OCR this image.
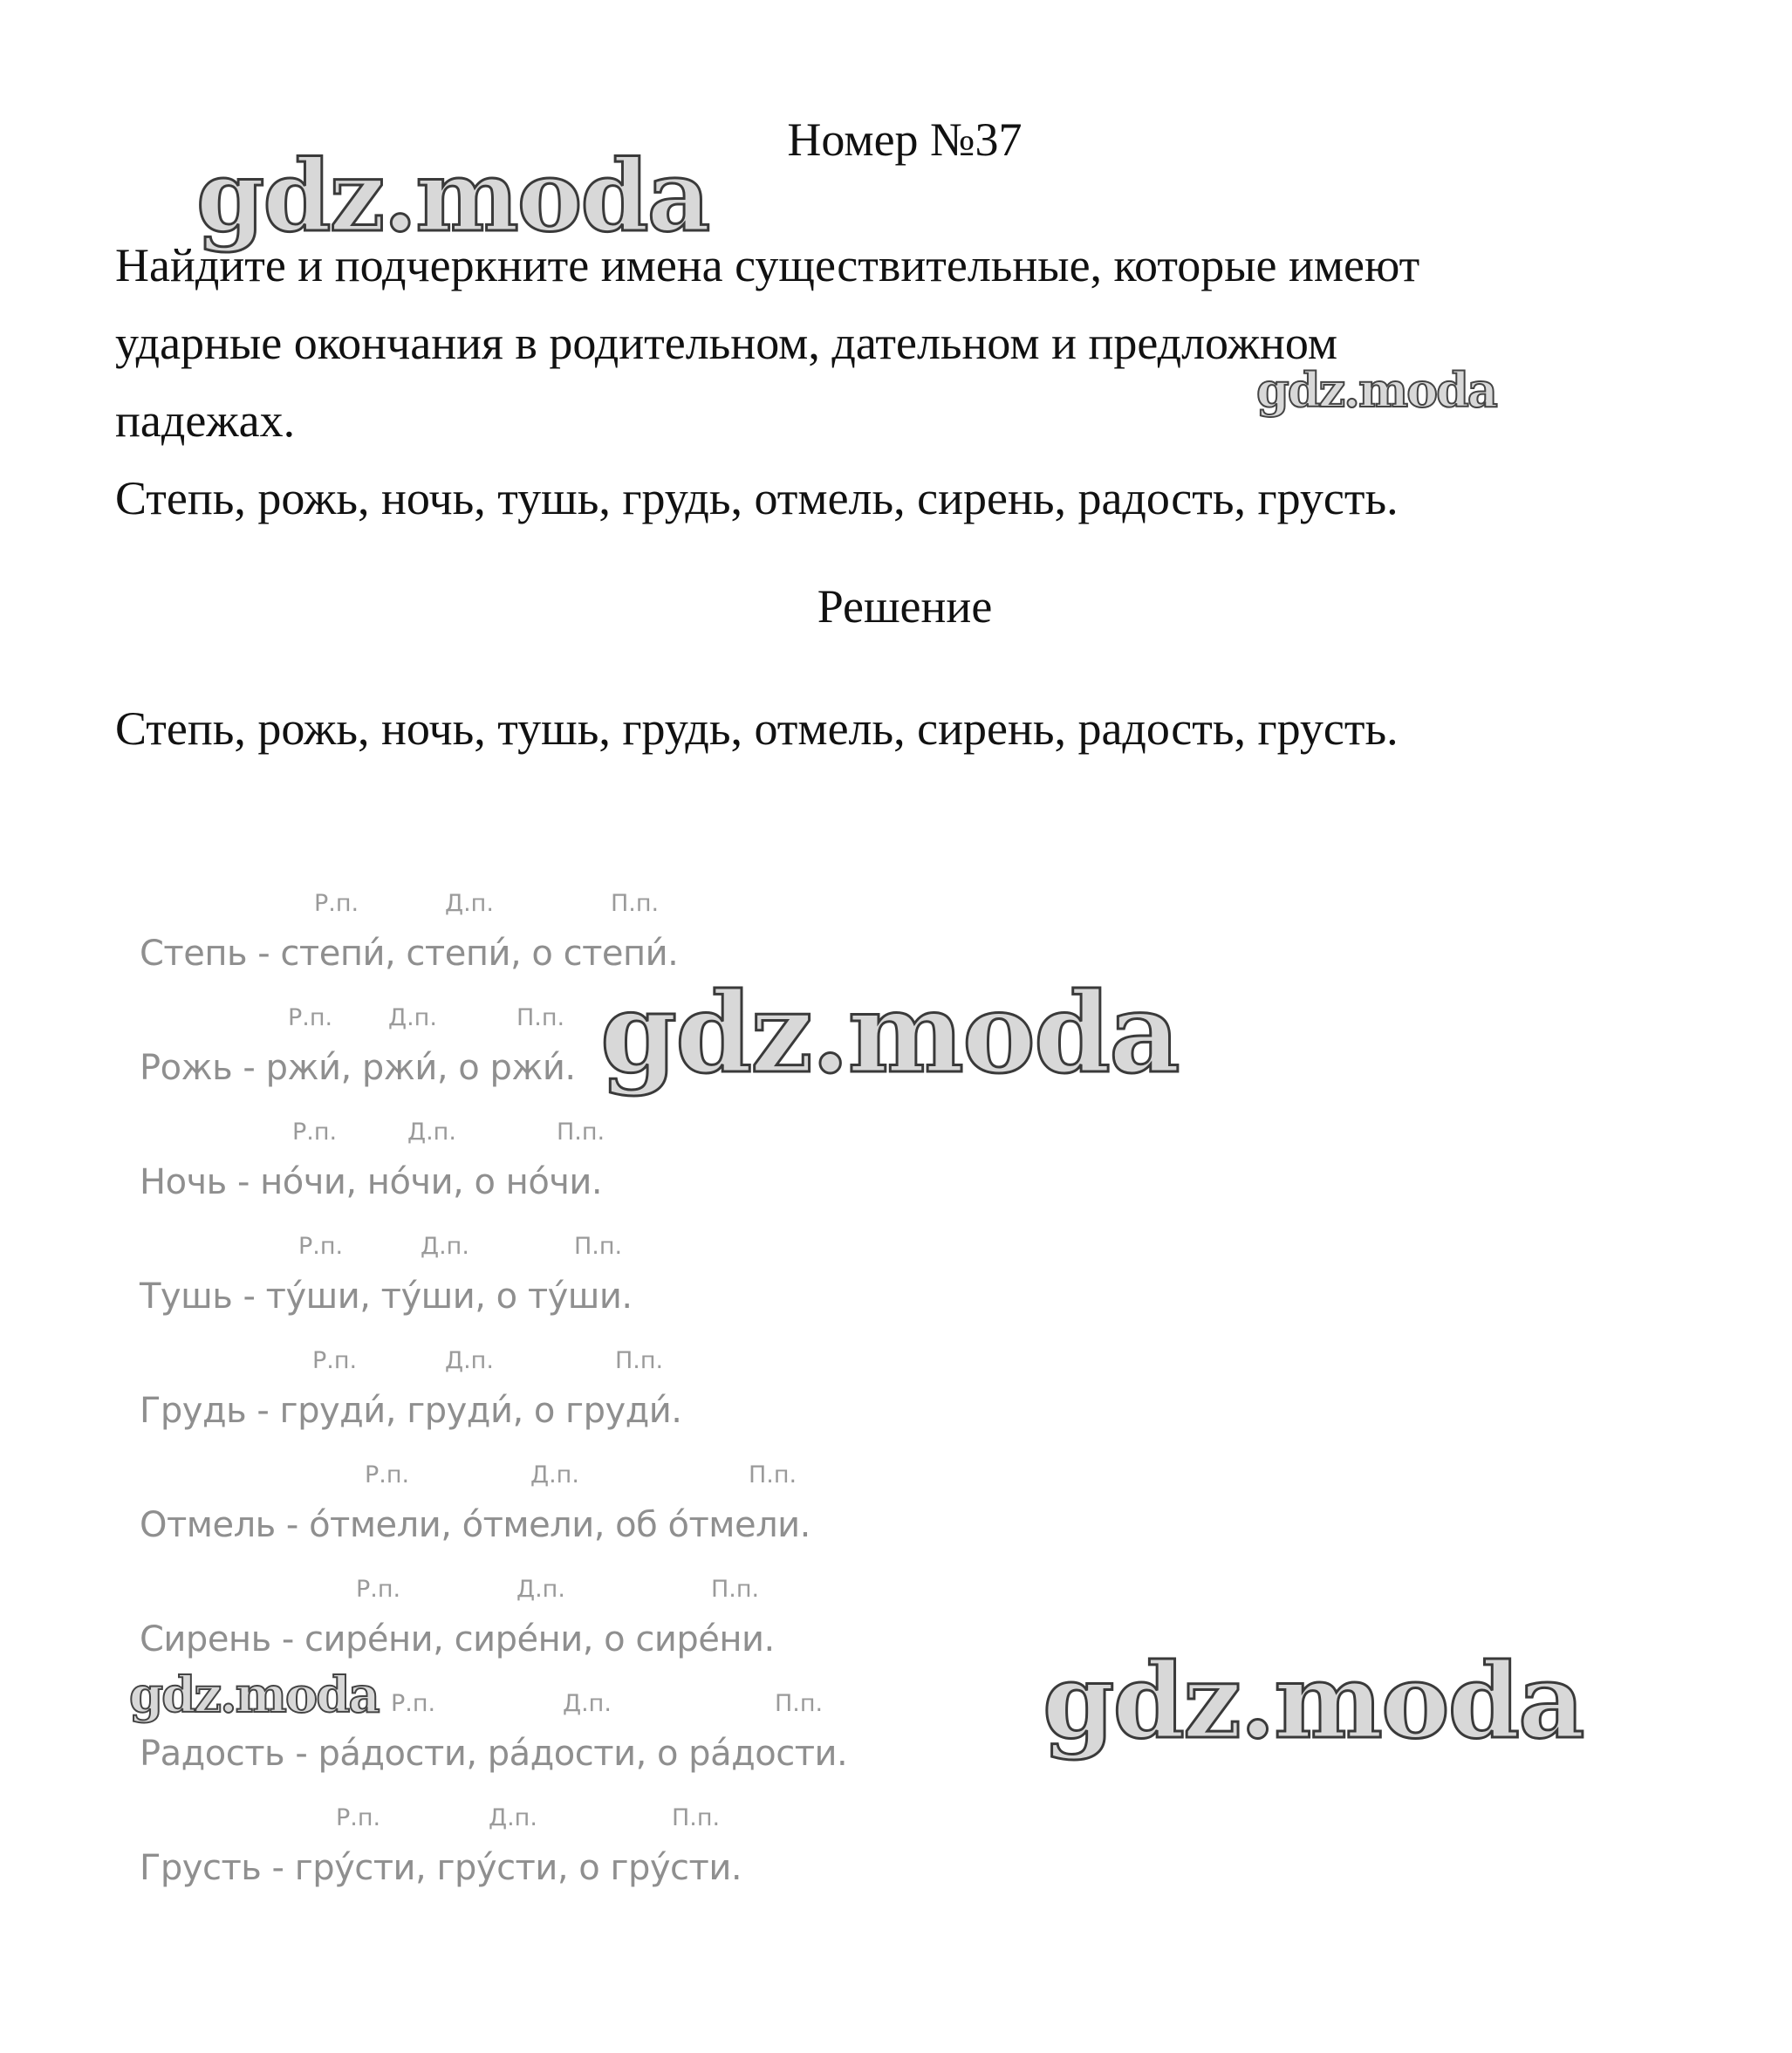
Номер №37

Найдите и подчеркните имена существительные, которые имеют

ударные окончания в родительном, дательном и предложном

падежах.

Степь, рожь, ночь, тушь, грудь, отмель, сирень, радость, грусть.

Решение
Степь, рожь, ночь, тушь, грудь, отмель, сирень, радость, грусть.
Р.п.	Д.п.	П.п.
Степь - степи́, степи́, о степи́.
Р.п. Д.п.	П.п.
Рожь - ржи́, ржи́, о ржи́.
Р.п.	Д.п.	П.п.
Ночь - но́чи, но́чи, о но́чи.
Р.п.	Д.п.	П.п.
Тушь - ту́ши, ту́ши, о ту́ши.
Р.п.	Д.п.	П.п.
Грудь - груди́, груди́, о груди́.
Р.п.	Д.п.	П.п.
Отмель - о́тмели, о́тмели, об о́тмели.
Р.п.	Д.п.	П.п.
Сирень - сире́ни, сире́ни, о сире́ни.
Р.п.	Д.п.	П.п.
Радость - ра́дости, ра́дости, о ра́дости.
Р.п.	Д.п.	П.п.
Грусть - гру́сти, гру́сти, о гру́сти.
gdz.moda
gdz.moda
gdz.moda
gdz.moda	gdz.moda
